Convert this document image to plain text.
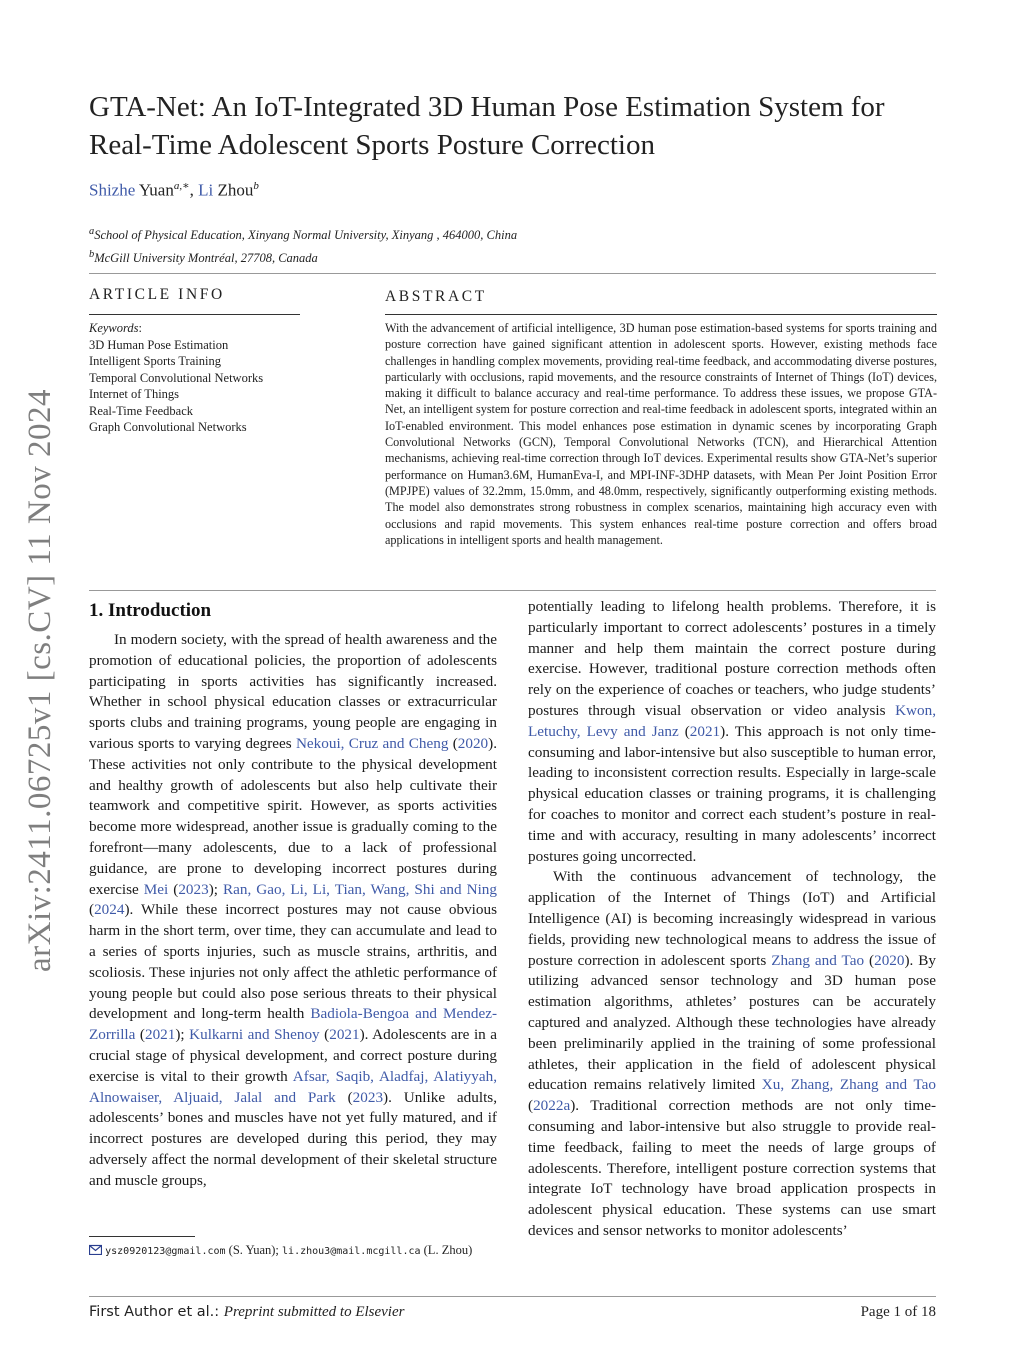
arXiv:2411.06725v1 [cs.CV] 11 Nov 2024
GTA-Net: An IoT-Integrated 3D Human Pose Estimation System for
Real-Time Adolescent Sports Posture Correction
Shizhe Yuan$^{a,∗}$, Li Zhou$^b$
$^a$School of Physical Education, Xinyang Normal University, Xinyang , 464000, China
$^b$McGill University Montréal, 27708, Canada
ARTICLE INFO	ABSTRACT
Keywords:
3D Human Pose Estimation
Intelligent Sports Training
Temporal Convolutional Networks
Internet of Things
Real-Time Feedback
Graph Convolutional Networks
With the advancement of artificial intelligence, 3D human pose estimation-based systems for sports training and posture correction have gained significant attention in adolescent sports. However, existing methods face challenges in handling complex movements, providing real-time feedback, and accommodating diverse postures, particularly with occlusions, rapid movements, and the resource constraints of Internet of Things (IoT) devices, making it difficult to balance accuracy and real-time performance. To address these issues, we propose GTA-Net, an intelligent system for posture correction and real-time feedback in adolescent sports, integrated within an IoT-enabled environment. This model enhances pose estimation in dynamic scenes by incorporating Graph Convolutional Networks (GCN), Temporal Convolutional Networks (TCN), and Hierarchical Attention mechanisms, achieving real-time correction through IoT devices. Experimental results show GTA-Net’s superior performance on Human3.6M, HumanEva-I, and MPI-INF-3DHP datasets, with Mean Per Joint Position Error (MPJPE) values of 32.2mm, 15.0mm, and 48.0mm, respectively, significantly outperforming existing methods. The model also demonstrates strong robustness in complex scenarios, maintaining high accuracy even with occlusions and rapid movements. This system enhances real-time posture correction and offers broad applications in intelligent sports and health management.
1. Introduction

In modern society, with the spread of health awareness and the promotion of educational policies, the proportion of adolescents participating in sports activities has significantly increased. Whether in school physical education classes or extracurricular sports clubs and training programs, young people are engaging in various sports to varying degrees Nekoui, Cruz and Cheng (2020). These activities not only contribute to the physical development and healthy growth of adolescents but also help cultivate their teamwork and competitive spirit. However, as sports activities become more widespread, another issue is gradually coming to the forefront—many adolescents, due to a lack of professional guidance, are prone to developing incorrect postures during exercise Mei (2023); Ran, Gao, Li, Li, Tian, Wang, Shi and Ning (2024). While these incorrect postures may not cause obvious harm in the short term, over time, they can accumulate and lead to a series of sports injuries, such as muscle strains, arthritis, and scoliosis. These injuries not only affect the athletic performance of young people but could also pose serious threats to their physical development and long-term health Badiola-Bengoa and Mendez-Zorrilla (2021); Kulkarni and Shenoy (2021). Adolescents are in a crucial stage of physical development, and correct posture during exercise is vital to their growth Afsar, Saqib, Aladfaj, Alatiyyah, Alnowaiser, Aljuaid, Jalal and Park (2023). Unlike adults, adolescents’ bones and muscles have not yet fully matured, and if incorrect postures are developed during this period, they may adversely affect the normal development of their skeletal structure and muscle groups,

ysz0920123@gmail.com (S. Yuan); li.zhou3@mail.mcgill.ca (L. Zhou)

potentially leading to lifelong health problems. Therefore, it is particularly important to correct adolescents’ postures in a timely manner and help them maintain the correct posture during exercise. However, traditional posture correction methods often rely on the experience of coaches or teachers, who judge students’ postures through visual observation or video analysis Kwon, Letuchy, Levy and Janz (2021). This approach is not only time-consuming and labor-intensive but also susceptible to human error, leading to inconsistent correction results. Especially in large-scale physical education classes or training programs, it is challenging for coaches to monitor and correct each student’s posture in real-time and with accuracy, resulting in many adolescents’ incorrect postures going uncorrected.

With the continuous advancement of technology, the application of the Internet of Things (IoT) and Artificial Intelligence (AI) is becoming increasingly widespread in various fields, providing new technological means to address the issue of posture correction in adolescent sports Zhang and Tao (2020). By utilizing advanced sensor technology and 3D human pose estimation algorithms, athletes’ postures can be accurately captured and analyzed. Although these technologies have already been preliminarily applied in the training of some professional athletes, their application in the field of adolescent physical education remains relatively limited Xu, Zhang, Zhang and Tao (2022a). Traditional correction methods are not only time-consuming and labor-intensive but also struggle to provide real-time feedback, failing to meet the needs of large groups of adolescents. Therefore, intelligent posture correction systems that integrate IoT technology have broad application prospects in adolescent physical education. These systems can use smart devices and sensor networks to monitor adolescents’

First Author et al.: Preprint submitted to Elsevier	Page 1 of 18
